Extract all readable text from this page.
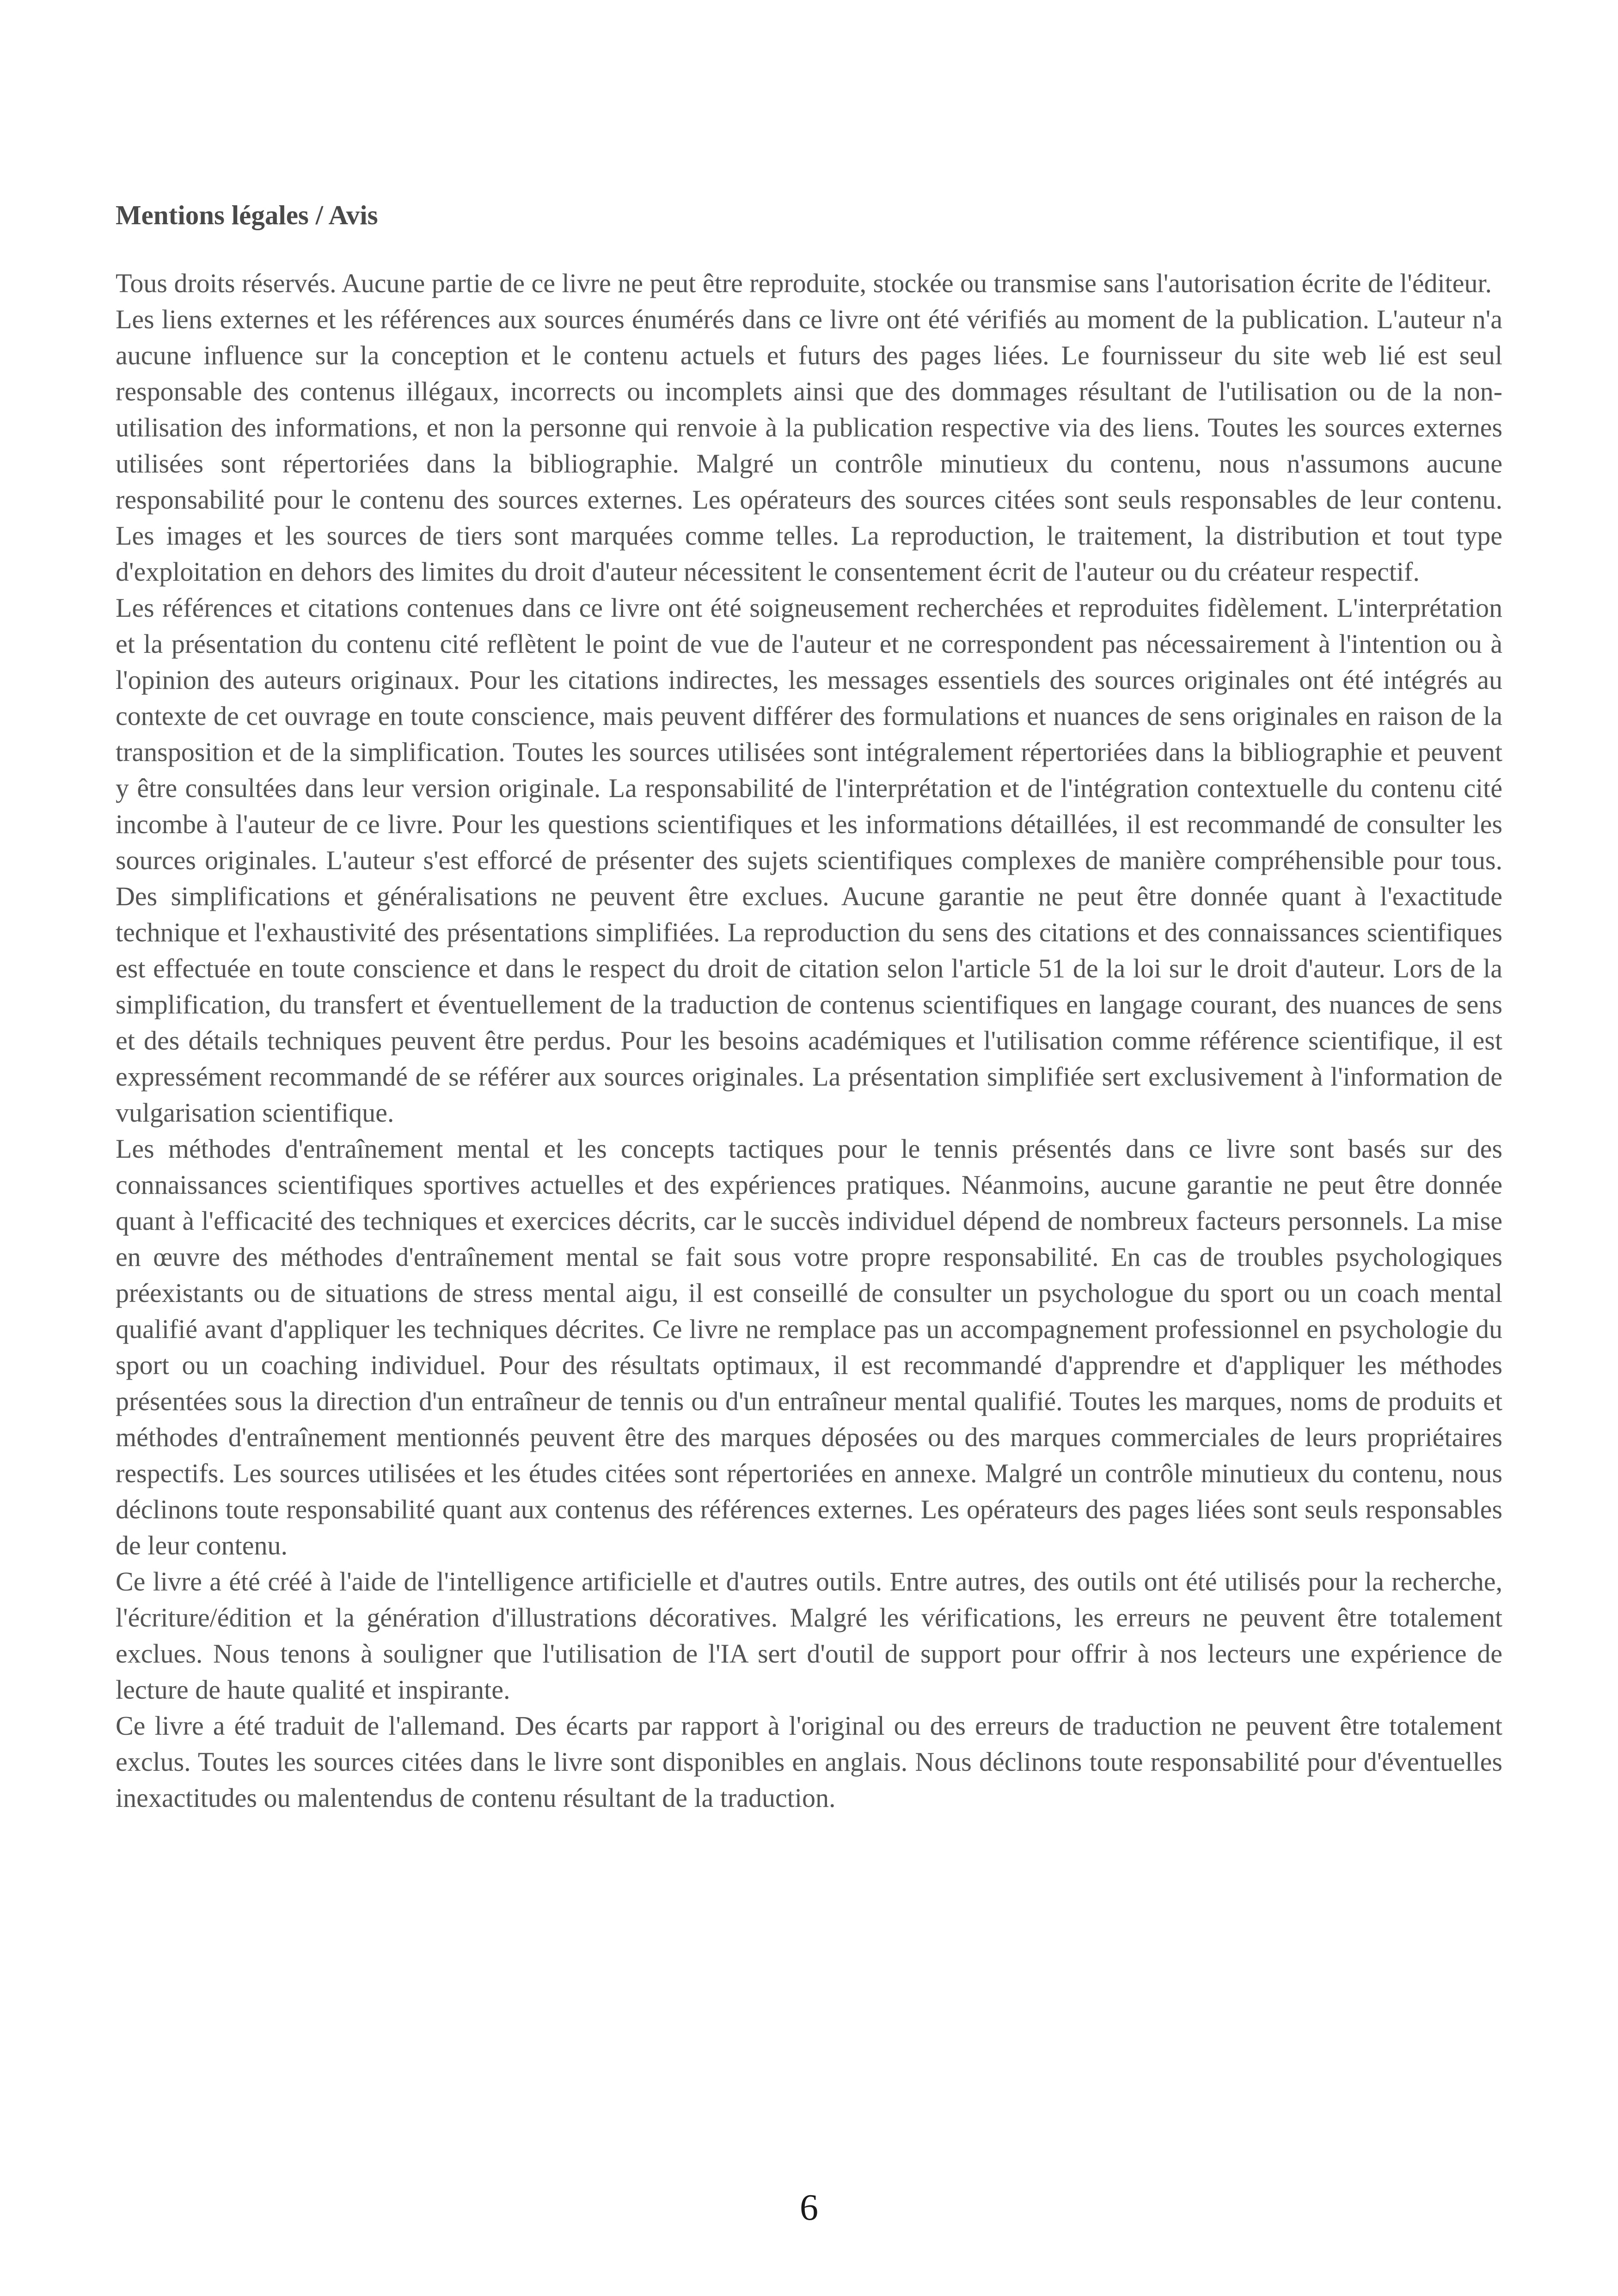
Mentions légales / Avis

Tous droits réservés. Aucune partie de ce livre ne peut être reproduite, stockée ou transmise sans l'autorisation écrite de l'éditeur.

Les liens externes et les références aux sources énumérés dans ce livre ont été vérifiés au moment de la publication. L'auteur n'a aucune influence sur la conception et le contenu actuels et futurs des pages liées. Le fournisseur du site web lié est seul responsable des contenus illégaux, incorrects ou incomplets ainsi que des dommages résultant de l'utilisation ou de la non-utilisation des informations, et non la personne qui renvoie à la publication respective via des liens. Toutes les sources externes utilisées sont répertoriées dans la bibliographie. Malgré un contrôle minutieux du contenu, nous n'assumons aucune responsabilité pour le contenu des sources externes. Les opérateurs des sources citées sont seuls responsables de leur contenu. Les images et les sources de tiers sont marquées comme telles. La reproduction, le traitement, la distribution et tout type d'exploitation en dehors des limites du droit d'auteur nécessitent le consentement écrit de l'auteur ou du créateur respectif.

Les références et citations contenues dans ce livre ont été soigneusement recherchées et reproduites fidèlement. L'interprétation et la présentation du contenu cité reflètent le point de vue de l'auteur et ne correspondent pas nécessairement à l'intention ou à l'opinion des auteurs originaux. Pour les citations indirectes, les messages essentiels des sources originales ont été intégrés au contexte de cet ouvrage en toute conscience, mais peuvent différer des formulations et nuances de sens originales en raison de la transposition et de la simplification. Toutes les sources utilisées sont intégralement répertoriées dans la bibliographie et peuvent y être consultées dans leur version originale. La responsabilité de l'interprétation et de l'intégration contextuelle du contenu cité incombe à l'auteur de ce livre. Pour les questions scientifiques et les informations détaillées, il est recommandé de consulter les sources originales. L'auteur s'est efforcé de présenter des sujets scientifiques complexes de manière compréhensible pour tous. Des simplifications et généralisations ne peuvent être exclues. Aucune garantie ne peut être donnée quant à l'exactitude technique et l'exhaustivité des présentations simplifiées. La reproduction du sens des citations et des connaissances scientifiques est effectuée en toute conscience et dans le respect du droit de citation selon l'article 51 de la loi sur le droit d'auteur. Lors de la simplification, du transfert et éventuellement de la traduction de contenus scientifiques en langage courant, des nuances de sens et des détails techniques peuvent être perdus. Pour les besoins académiques et l'utilisation comme référence scientifique, il est expressément recommandé de se référer aux sources originales. La présentation simplifiée sert exclusivement à l'information de vulgarisation scientifique.

Les méthodes d'entraînement mental et les concepts tactiques pour le tennis présentés dans ce livre sont basés sur des connaissances scientifiques sportives actuelles et des expériences pratiques. Néanmoins, aucune garantie ne peut être donnée quant à l'efficacité des techniques et exercices décrits, car le succès individuel dépend de nombreux facteurs personnels. La mise en œuvre des méthodes d'entraînement mental se fait sous votre propre responsabilité. En cas de troubles psychologiques préexistants ou de situations de stress mental aigu, il est conseillé de consulter un psychologue du sport ou un coach mental qualifié avant d'appliquer les techniques décrites. Ce livre ne remplace pas un accompagnement professionnel en psychologie du sport ou un coaching individuel. Pour des résultats optimaux, il est recommandé d'apprendre et d'appliquer les méthodes présentées sous la direction d'un entraîneur de tennis ou d'un entraîneur mental qualifié. Toutes les marques, noms de produits et méthodes d'entraînement mentionnés peuvent être des marques déposées ou des marques commerciales de leurs propriétaires respectifs. Les sources utilisées et les études citées sont répertoriées en annexe. Malgré un contrôle minutieux du contenu, nous déclinons toute responsabilité quant aux contenus des références externes. Les opérateurs des pages liées sont seuls responsables de leur contenu.

Ce livre a été créé à l'aide de l'intelligence artificielle et d'autres outils. Entre autres, des outils ont été utilisés pour la recherche, l'écriture/édition et la génération d'illustrations décoratives. Malgré les vérifications, les erreurs ne peuvent être totalement exclues. Nous tenons à souligner que l'utilisation de l'IA sert d'outil de support pour offrir à nos lecteurs une expérience de lecture de haute qualité et inspirante.

Ce livre a été traduit de l'allemand. Des écarts par rapport à l'original ou des erreurs de traduction ne peuvent être totalement exclus. Toutes les sources citées dans le livre sont disponibles en anglais. Nous déclinons toute responsabilité pour d'éventuelles inexactitudes ou malentendus de contenu résultant de la traduction.

6
